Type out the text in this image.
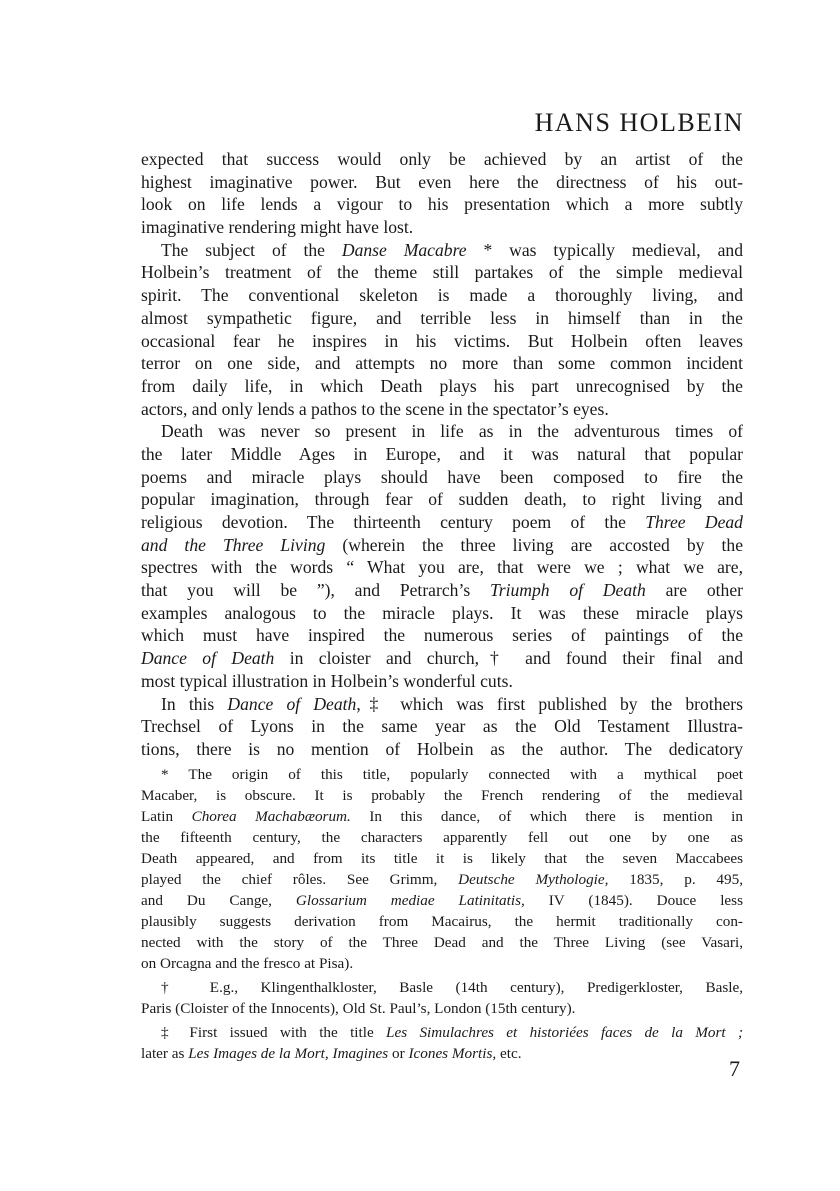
HANS HOLBEIN
expected that success would only be achieved by an artist of the
highest imaginative power. But even here the directness of his out-
look on life lends a vigour to his presentation which a more subtly
imaginative rendering might have lost.
The subject of the Danse Macabre * was typically medieval, and
Holbein’s treatment of the theme still partakes of the simple medieval
spirit. The conventional skeleton is made a thoroughly living, and
almost sympathetic figure, and terrible less in himself than in the
occasional fear he inspires in his victims. But Holbein often leaves
terror on one side, and attempts no more than some common incident
from daily life, in which Death plays his part unrecognised by the
actors, and only lends a pathos to the scene in the spectator’s eyes.
Death was never so present in life as in the adventurous times of
the later Middle Ages in Europe, and it was natural that popular
poems and miracle plays should have been composed to fire the
popular imagination, through fear of sudden death, to right living and
religious devotion. The thirteenth century poem of the Three Dead
and the Three Living (wherein the three living are accosted by the
spectres with the words “ What you are, that were we ; what we are,
that you will be ”), and Petrarch’s Triumph of Death are other
examples analogous to the miracle plays. It was these miracle plays
which must have inspired the numerous series of paintings of the
Dance of Death in cloister and church,† and found their final and
most typical illustration in Holbein’s wonderful cuts.
In this Dance of Death,‡ which was first published by the brothers
Trechsel of Lyons in the same year as the Old Testament Illustra-
tions, there is no mention of Holbein as the author. The dedicatory
* The origin of this title, popularly connected with a mythical poet
Macaber, is obscure. It is probably the French rendering of the medieval
Latin Chorea Machabæorum. In this dance, of which there is mention in
the fifteenth century, the characters apparently fell out one by one as
Death appeared, and from its title it is likely that the seven Maccabees
played the chief rôles. See Grimm, Deutsche Mythologie, 1835, p. 495,
and Du Cange, Glossarium mediae Latinitatis, IV (1845). Douce less
plausibly suggests derivation from Macairus, the hermit traditionally con-
nected with the story of the Three Dead and the Three Living (see Vasari,
on Orcagna and the fresco at Pisa).
† E.g., Klingenthalkloster, Basle (14th century), Predigerkloster, Basle,
Paris (Cloister of the Innocents), Old St. Paul’s, London (15th century).
‡ First issued with the title Les Simulachres et historiées faces de la Mort ;
later as Les Images de la Mort, Imagines or Icones Mortis, etc.
7
